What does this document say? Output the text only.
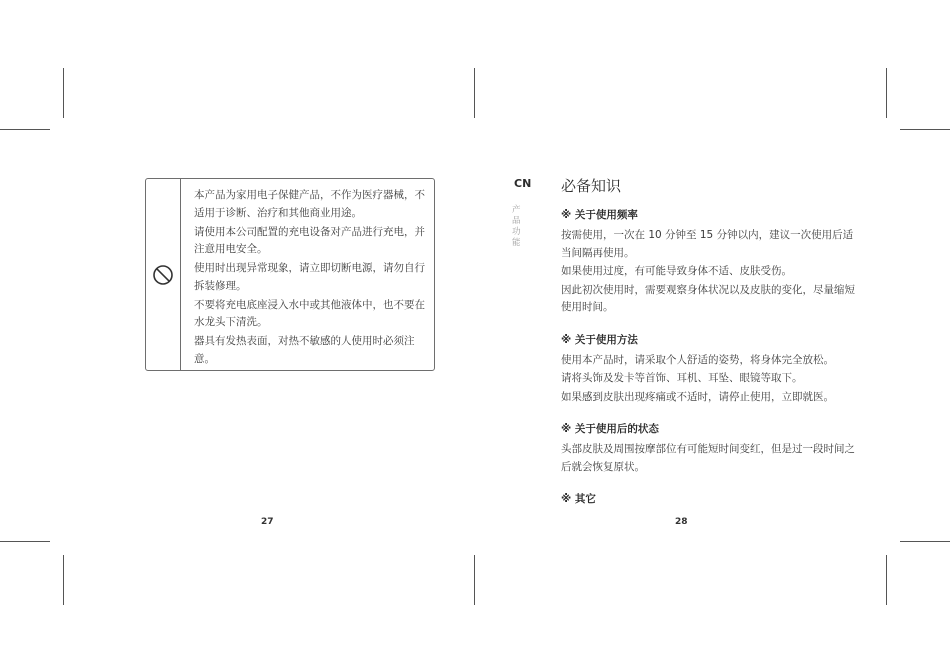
本产品为家用电子保健产品，不作为医疗器械，不适用于诊断、治疗和其他商业用途。

请使用本公司配置的充电设备对产品进行充电，并注意用电安全。

使用时出现异常现象，请立即切断电源，请勿自行拆装修理。

不要将充电底座浸入水中或其他液体中，也不要在水龙头下清洗。

器具有发热表面，对热不敏感的人使用时必须注意。

27
CN
产品功能
必备知识
※ 关于使用频率

按需使用，一次在 10 分钟至 15 分钟以内，建议一次使用后适当间隔再使用。

如果使用过度，有可能导致身体不适、皮肤受伤。

因此初次使用时，需要观察身体状况以及皮肤的变化，尽量缩短使用时间。

※ 关于使用方法

使用本产品时，请采取个人舒适的姿势，将身体完全放松。

请将头饰及发卡等首饰、耳机、耳坠、眼镜等取下。

如果感到皮肤出现疼痛或不适时，请停止使用，立即就医。

※ 关于使用后的状态

头部皮肤及周围按摩部位有可能短时间变红，但是过一段时间之后就会恢复原状。

※ 其它
28
